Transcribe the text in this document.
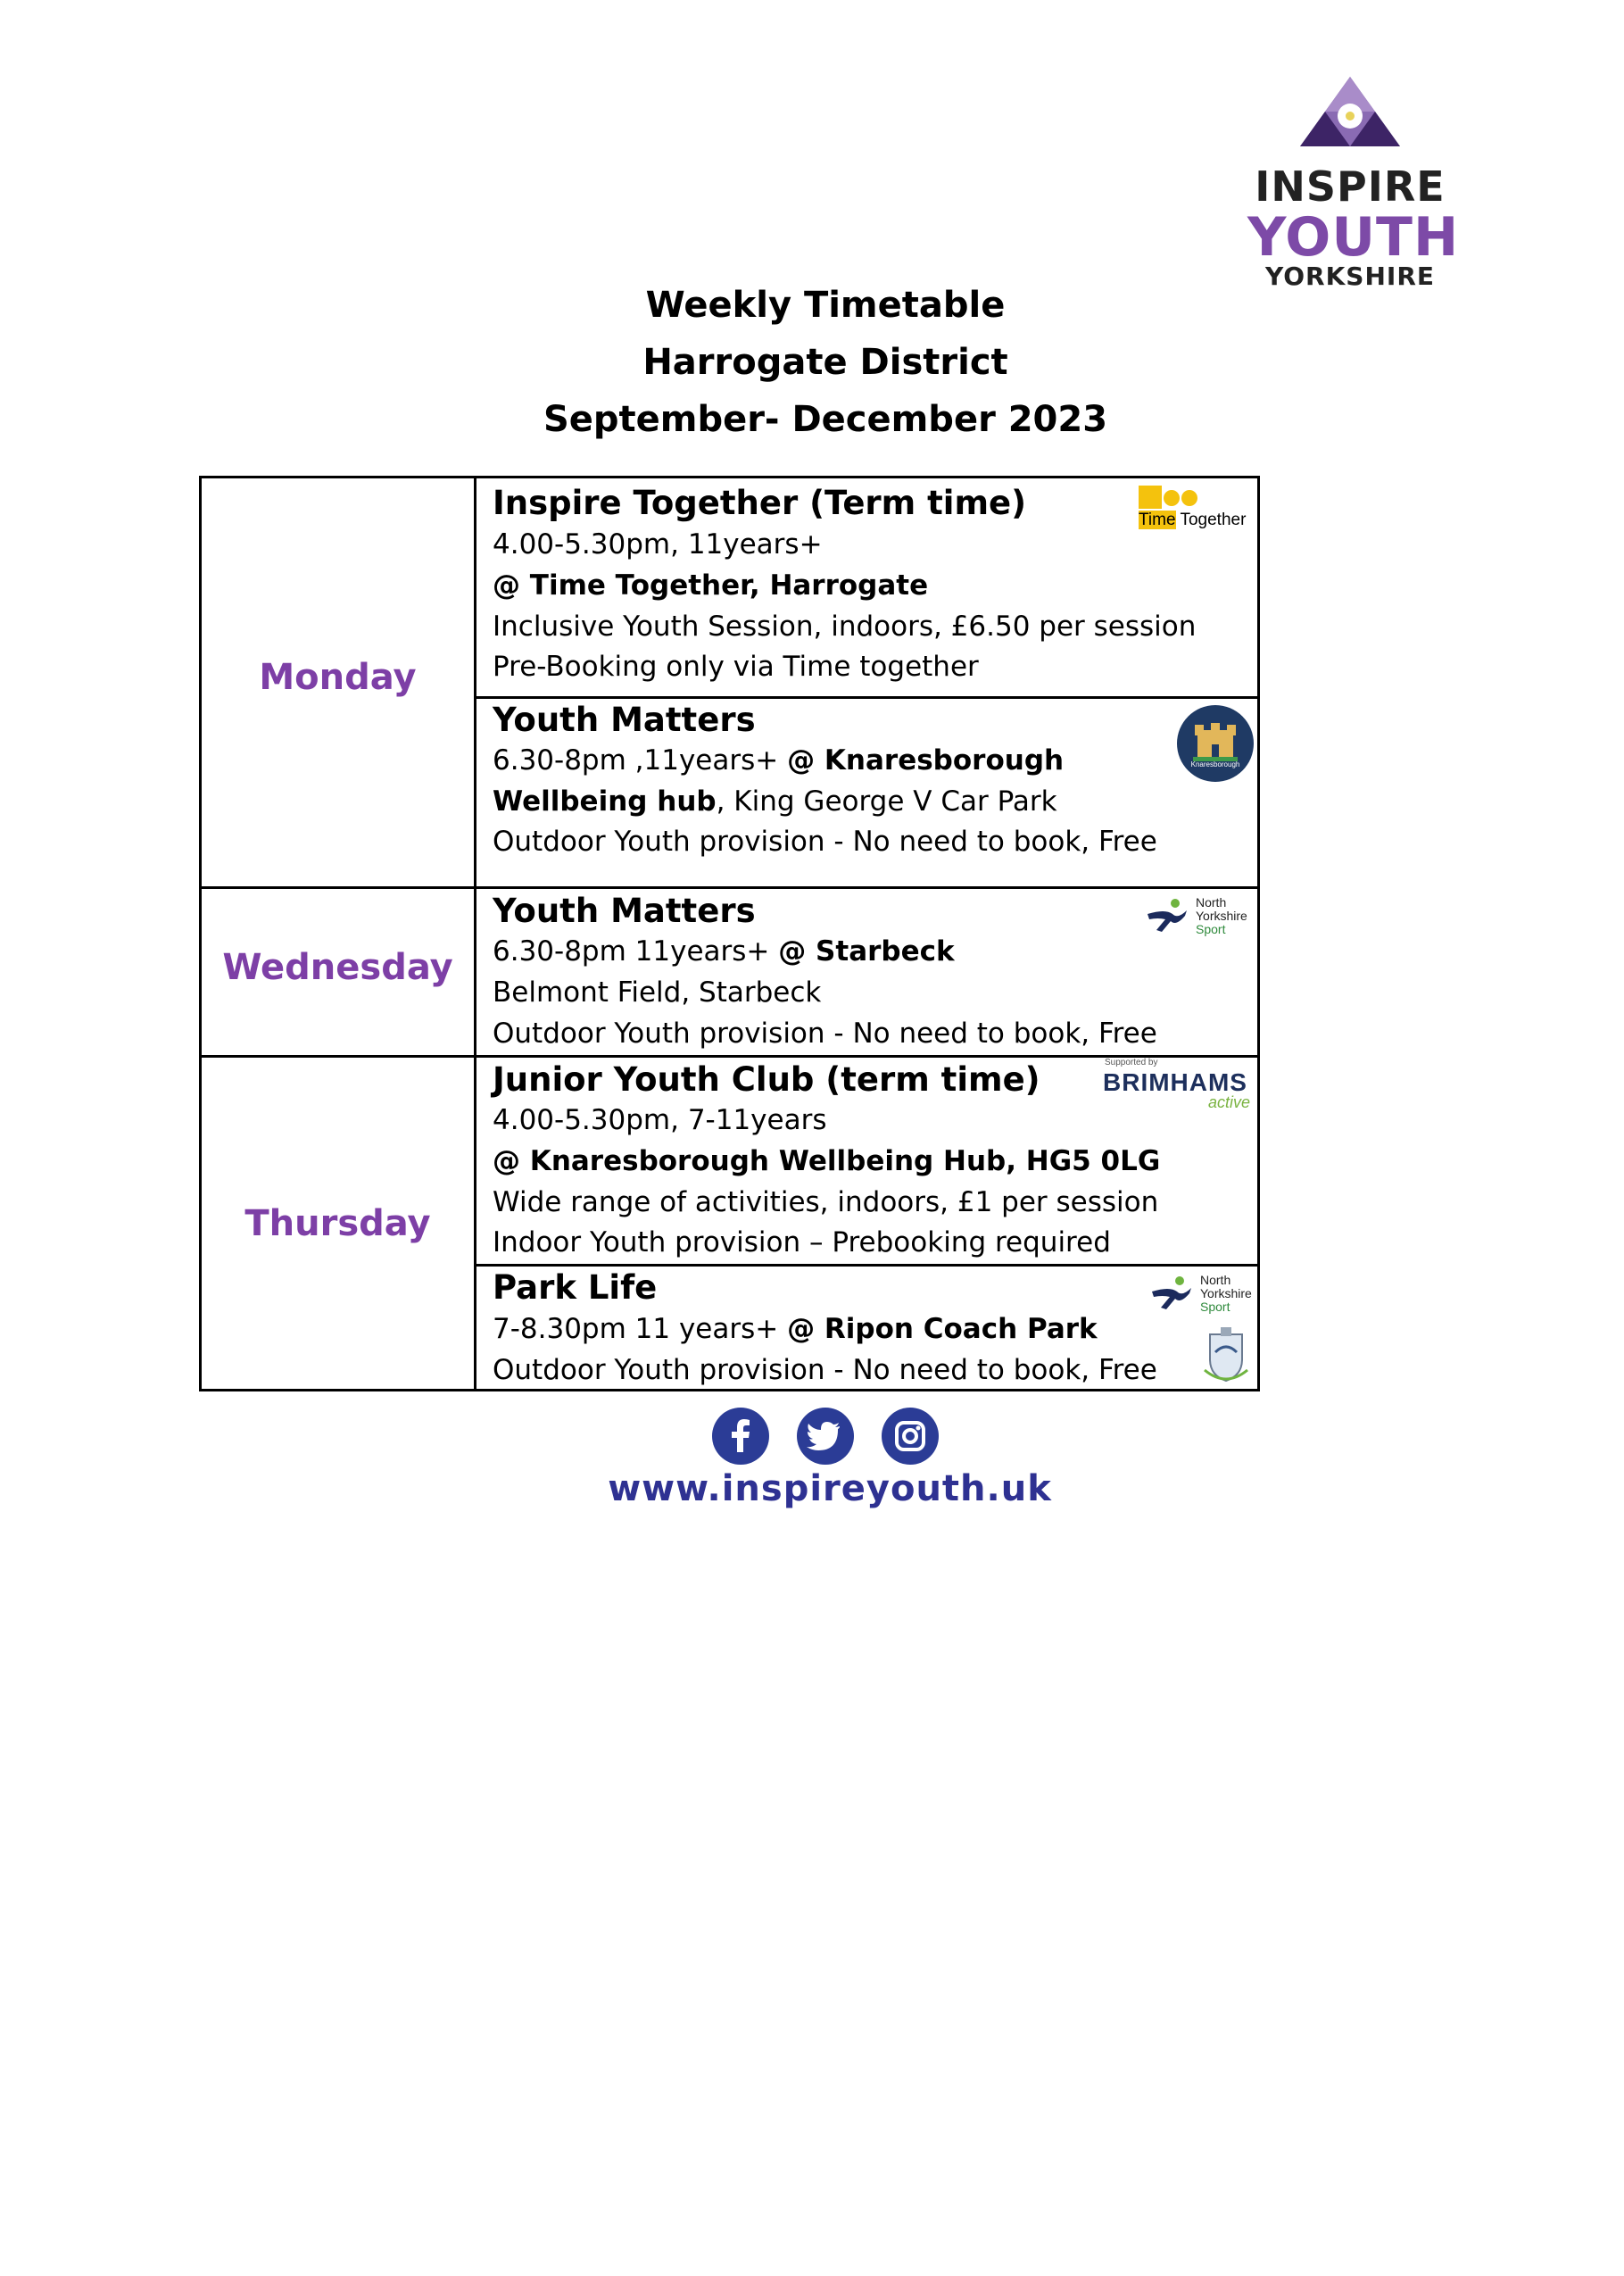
INSPIRE
YOUTH
YORKSHIRE
Weekly Timetable
Harrogate District
September- December 2023
Monday
Wednesday
Thursday
Inspire Together (Term time)
4.00-5.30pm, 11years+
@ Time Together, Harrogate
Inclusive Youth Session, indoors, £6.50 per session
Pre-Booking only via Time together
Time Together
Youth Matters
6.30-8pm ,11years+ @ Knaresborough
Wellbeing hub, King George V Car Park
Outdoor Youth provision - No need to book, Free
Knaresborough
Youth Matters
6.30-8pm 11years+ @ Starbeck
Belmont Field, Starbeck
Outdoor Youth provision - No need to book, Free
North
Yorkshire
Sport
Junior Youth Club (term time)
4.00-5.30pm, 7-11years
@ Knaresborough Wellbeing Hub, HG5 0LG
Wide range of activities, indoors, £1 per session
Indoor Youth provision – Prebooking required
Supported by
BRIMHAMS
active
Park Life
7-8.30pm 11 years+ @ Ripon Coach Park
Outdoor Youth provision - No need to book, Free
North
Yorkshire
Sport
www.inspireyouth.uk
